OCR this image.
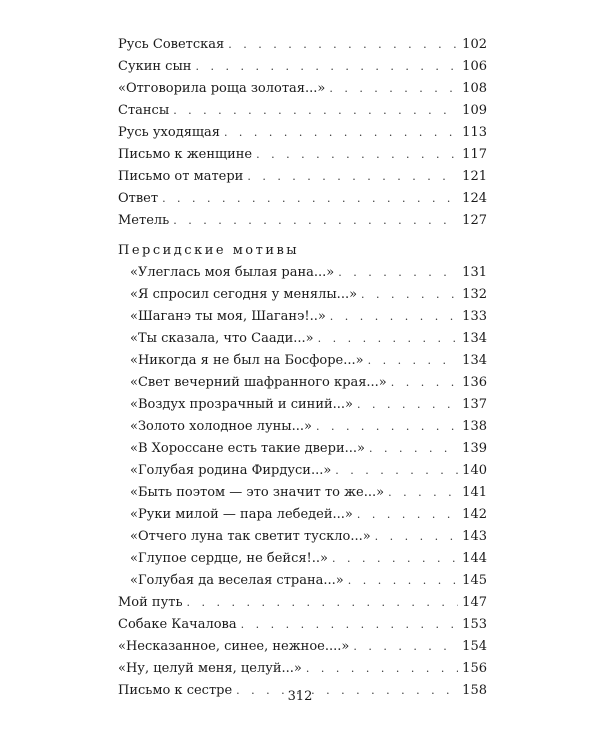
Русь Советская . . .	102
Сукин сын . . .	106
«Отговорила роща золотая...» . . .	108
Стансы . . .	109
Русь уходящая . . .	113
Письмо к женщине . . .	117
Письмо от матери . . .	121
Ответ . . .	124
Метель . . .	127
Персидские мотивы
«Улеглась моя былая рана...» . . .	131
«Я спросил сегодня у менялы...» . . .	132
«Шаганэ ты моя, Шаганэ!..» . . .	133
«Ты сказала, что Саади...» . . .	134
«Никогда я не был на Босфоре...» . . .	134
«Свет вечерний шафранного края...» . . .	136
«Воздух прозрачный и синий...» . . .	137
«Золото холодное луны...» . . .	138
«В Хороссане есть такие двери...» . . .	139
«Голубая родина Фирдуси...» . . .	140
«Быть поэтом — это значит то же...» . . .	141
«Руки милой — пара лебедей...» . . .	142
«Отчего луна так светит тускло...» . . .	143
«Глупое сердце, не бейся!..» . . .	144
«Голубая да веселая страна...» . . .	145
Мой путь . . .	147
Собаке Качалова . . .	153
«Несказанное, синее, нежное....» . . .	154
«Ну, целуй меня, целуй...» . . .	156
Письмо к сестре . . .	158
312
